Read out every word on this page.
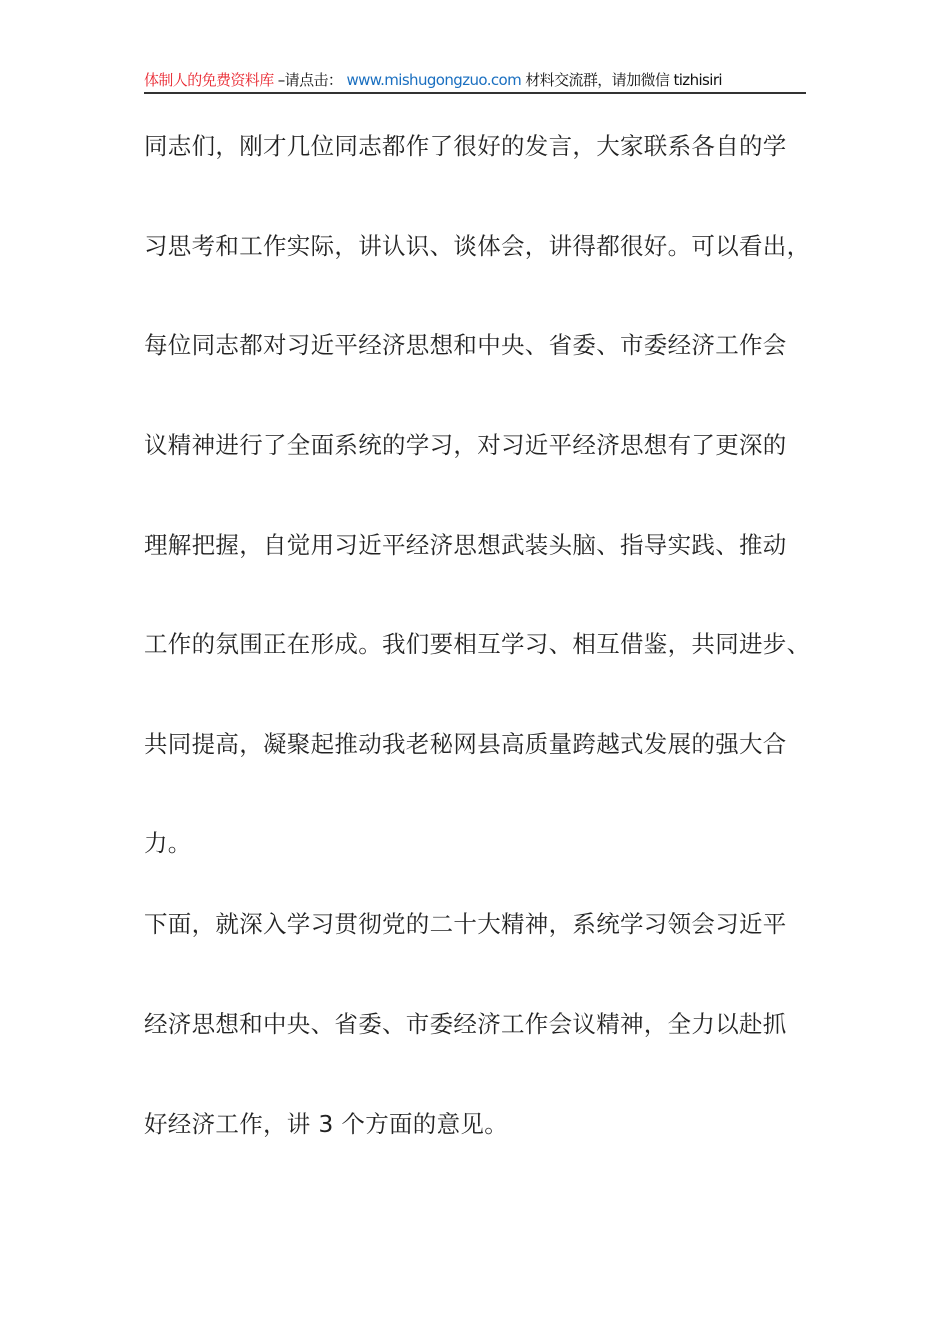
体制人的免费资料库 –请点击： www.mishugongzuo.com 材料交流群，请加微信 tizhisiri
同志们，刚才几位同志都作了很好的发言，大家联系各自的学
习思考和工作实际，讲认识、谈体会，讲得都很好。可以看出，
每位同志都对习近平经济思想和中央、省委、市委经济工作会
议精神进行了全面系统的学习，对习近平经济思想有了更深的
理解把握，自觉用习近平经济思想武装头脑、指导实践、推动
工作的氛围正在形成。我们要相互学习、相互借鉴，共同进步、
共同提高，凝聚起推动我老秘网县高质量跨越式发展的强大合
力。
下面，就深入学习贯彻党的二十大精神，系统学习领会习近平
经济思想和中央、省委、市委经济工作会议精神，全力以赴抓
好经济工作，讲 3 个方面的意见。
